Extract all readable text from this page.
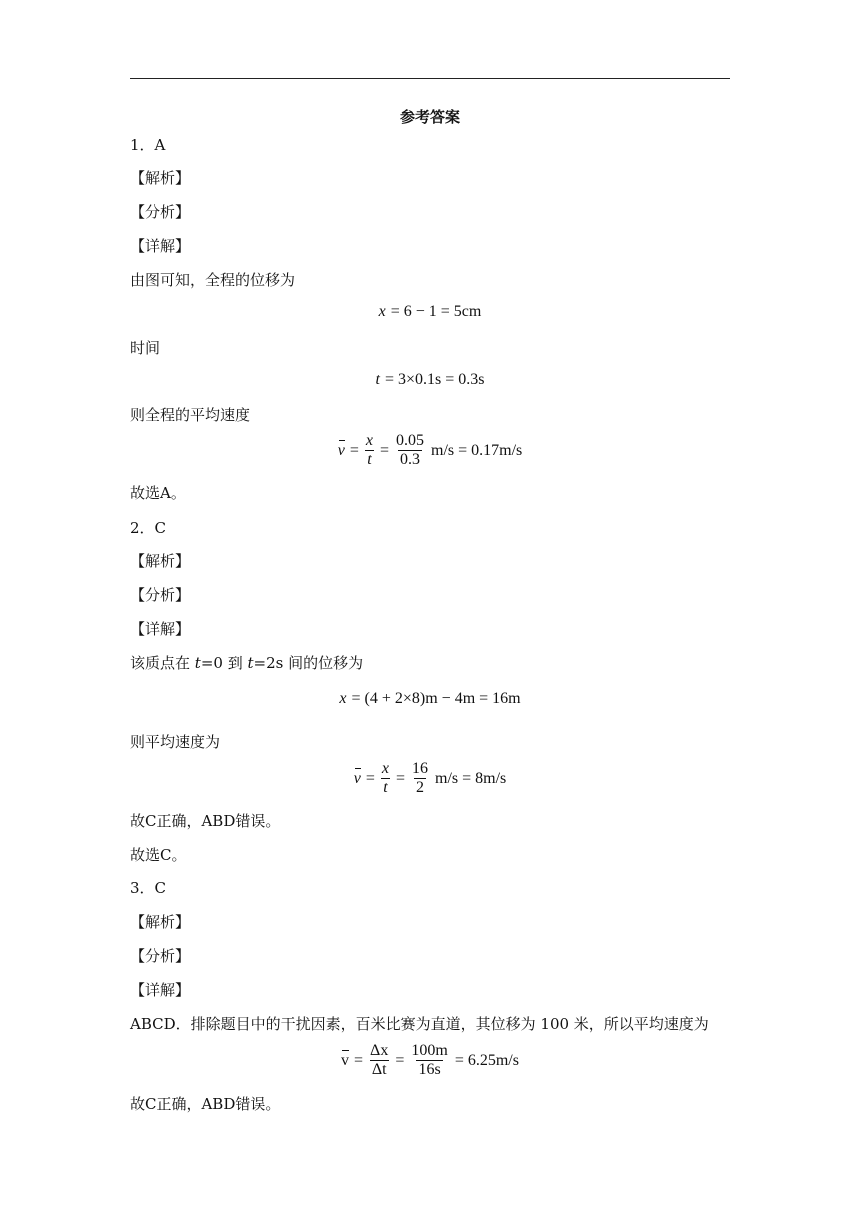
参考答案
1．A
【解析】
【分析】
【详解】
由图可知，全程的位移为
x = 6 − 1 = 5cm
时间
t = 3×0.1s = 0.3s
则全程的平均速度
$v = \frac{x}{t} = \frac{0.05}{0.3} m/s = 0.17m/s$
故选A。
2．C
【解析】
【分析】
【详解】
该质点在 t=0 到 t=2s 间的位移为
x = (4 + 2×8)m − 4m = 16m
则平均速度为
$v = \frac{x}{t} = \frac{16}{2} m/s = 8m/s$
故C正确，ABD错误。
故选C。
3．C
【解析】
【分析】
【详解】
ABCD．排除题目中的干扰因素，百米比赛为直道，其位移为 100 米，所以平均速度为
$v = \frac{\Delta x}{\Delta t} = \frac{100m}{16s} = 6.25m/s$
故C正确，ABD错误。
